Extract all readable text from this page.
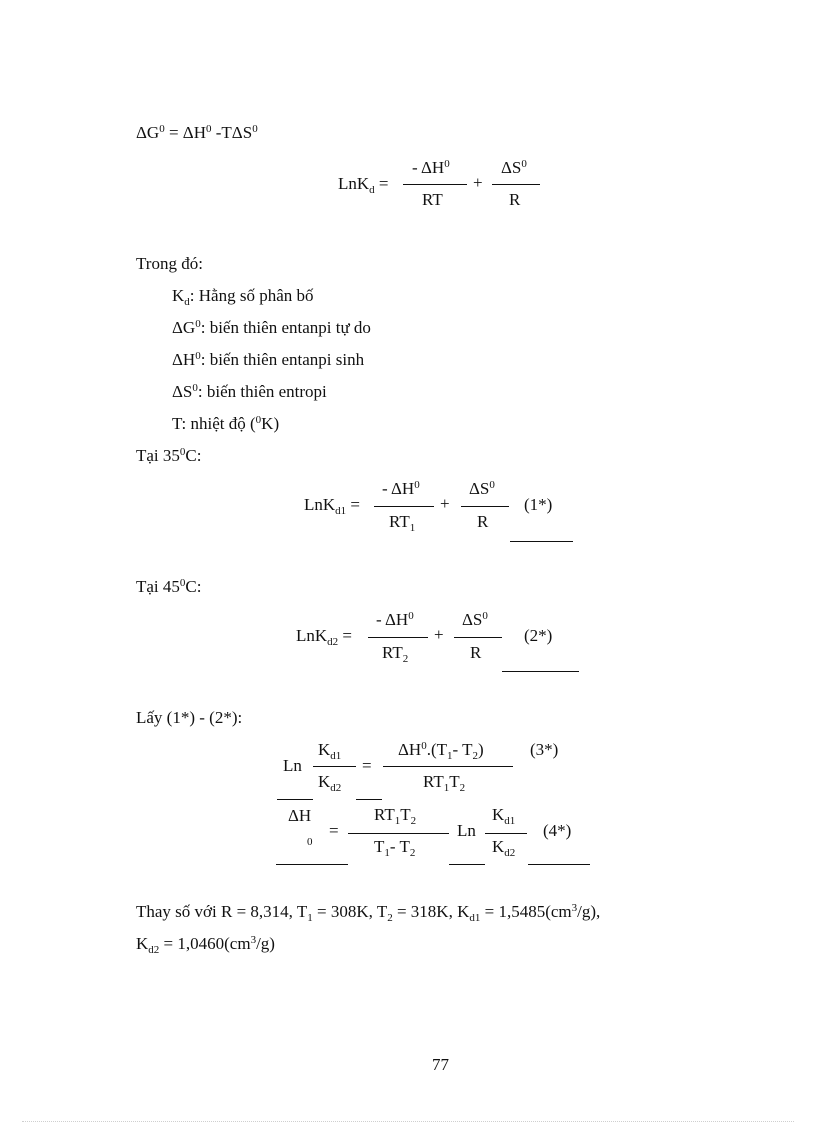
$\Delta G^0 = \Delta H^0$ -TΔS$^0$
LnK$_d$ =
- $\Delta H^0$
RT
+
$\Delta S^0$
R
Trong đó:
$K_d$: Hằng số phân bố
$\Delta G^0$: biến thiên entanpi tự do
$\Delta H^0$: biến thiên entanpi sinh
$\Delta S^0$: biến thiên entropi
T: nhiệt độ ($^0$K)
Tại $35^0C$:
LnK$_{d1}$ =
- $\Delta H^0$
$RT_1$
+
$\Delta S^0$
R
(1*)
Tại $45^0C$:
LnK$_{d2}$ =
- $\Delta H^0$
$RT_2$
+
$\Delta S^0$
R
(2*)
Lấy (1*) - (2*):
Ln
$K_{d1}$
$K_{d2}$
=
$\Delta H^0.(T_1-$ $T_2$)
$RT_1T_2$
(3*)
ΔH
0
=
$RT_1T_2$
$T_1-$ $T_2$
Ln
$K_{d1}$
$K_{d2}$
(4*)
Thay số với R = 8,314, $T_1 = 308K$, $T_2 = 318K$, $K_{d1} = 1,5485(cm^3/g)$,
$K_{d2} = 1,0460(cm^3/g)$
77
